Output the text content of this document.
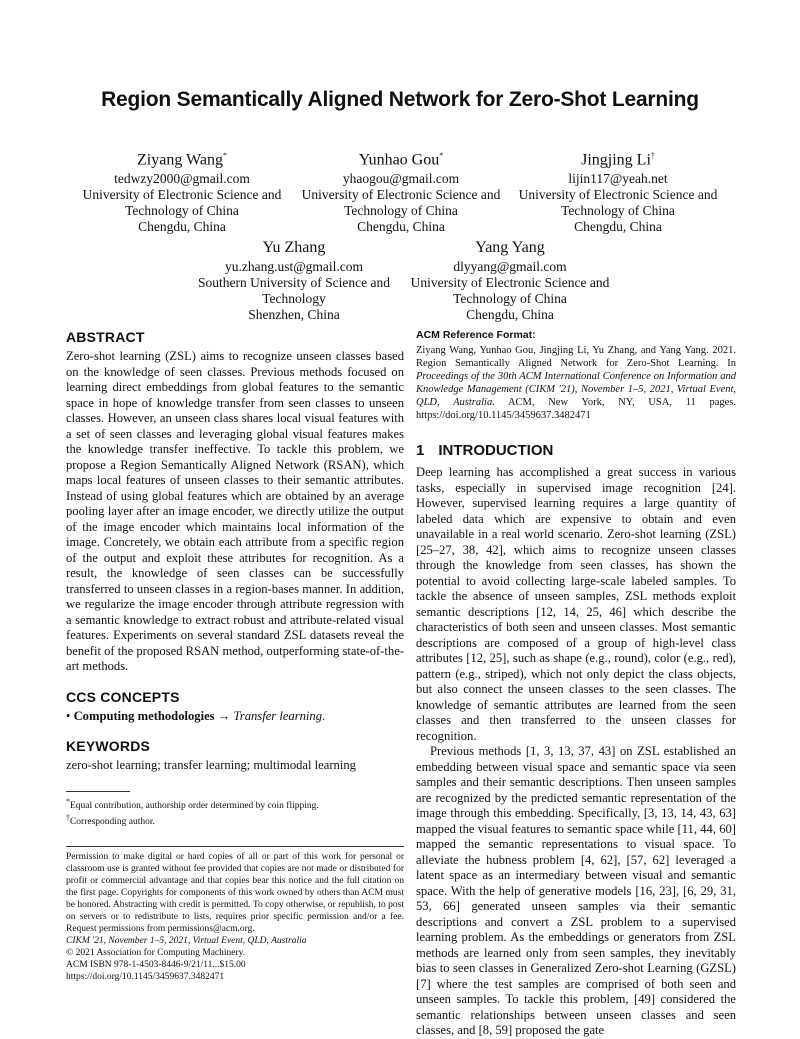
Region Semantically Aligned Network for Zero-Shot Learning
Ziyang Wang*
tedwzy2000@gmail.com
University of Electronic Science and
Technology of China
Chengdu, China
Yunhao Gou*
yhaogou@gmail.com
University of Electronic Science and
Technology of China
Chengdu, China
Jingjing Li†
lijin117@yeah.net
University of Electronic Science and
Technology of China
Chengdu, China
Yu Zhang
yu.zhang.ust@gmail.com
Southern University of Science and
Technology
Shenzhen, China
Yang Yang
dlyyang@gmail.com
University of Electronic Science and
Technology of China
Chengdu, China
ABSTRACT

Zero-shot learning (ZSL) aims to recognize unseen classes based on the knowledge of seen classes. Previous methods focused on learning direct embeddings from global features to the semantic space in hope of knowledge transfer from seen classes to unseen classes. However, an unseen class shares local visual features with a set of seen classes and leveraging global visual features makes the knowledge transfer ineffective. To tackle this problem, we propose a Region Semantically Aligned Network (RSAN), which maps local features of unseen classes to their semantic attributes. Instead of using global features which are obtained by an average pooling layer after an image encoder, we directly utilize the output of the image encoder which maintains local information of the image. Concretely, we obtain each attribute from a specific region of the output and exploit these attributes for recognition. As a result, the knowledge of seen classes can be successfully transferred to unseen classes in a region-bases manner. In addition, we regularize the image encoder through attribute regression with a semantic knowledge to extract robust and attribute-related visual features. Experiments on several standard ZSL datasets reveal the benefit of the proposed RSAN method, outperforming state-of-the-art methods.

CCS CONCEPTS

• Computing methodologies → Transfer learning.

KEYWORDS

zero-shot learning; transfer learning; multimodal learning

*Equal contribution, authorship order determined by coin flipping.
†Corresponding author.
Permission to make digital or hard copies of all or part of this work for personal or classroom use is granted without fee provided that copies are not made or distributed for profit or commercial advantage and that copies bear this notice and the full citation on the first page. Copyrights for components of this work owned by others than ACM must be honored. Abstracting with credit is permitted. To copy otherwise, or republish, to post on servers or to redistribute to lists, requires prior specific permission and/or a fee. Request permissions from permissions@acm.org.
CIKM '21, November 1–5, 2021, Virtual Event, QLD, Australia
© 2021 Association for Computing Machinery.
ACM ISBN 978-1-4503-8446-9/21/11...$15.00
https://doi.org/10.1145/3459637.3482471
ACM Reference Format:
Ziyang Wang, Yunhao Gou, Jingjing Li, Yu Zhang, and Yang Yang. 2021. Region Semantically Aligned Network for Zero-Shot Learning. In Proceedings of the 30th ACM International Conference on Information and Knowledge Management (CIKM '21), November 1–5, 2021, Virtual Event, QLD, Australia. ACM, New York, NY, USA, 11 pages. https://doi.org/10.1145/3459637.3482471
1 INTRODUCTION

Deep learning has accomplished a great success in various tasks, especially in supervised image recognition [24]. However, supervised learning requires a large quantity of labeled data which are expensive to obtain and even unavailable in a real world scenario. Zero-shot learning (ZSL) [25–27, 38, 42], which aims to recognize unseen classes through the knowledge from seen classes, has shown the potential to avoid collecting large-scale labeled samples. To tackle the absence of unseen samples, ZSL methods exploit semantic descriptions [12, 14, 25, 46] which describe the characteristics of both seen and unseen classes. Most semantic descriptions are composed of a group of high-level class attributes [12, 25], such as shape (e.g., round), color (e.g., red), pattern (e.g., striped), which not only depict the class objects, but also connect the unseen classes to the seen classes. The knowledge of semantic attributes are learned from the seen classes and then transferred to the unseen classes for recognition.

Previous methods [1, 3, 13, 37, 43] on ZSL established an embedding between visual space and semantic space via seen samples and their semantic descriptions. Then unseen samples are recognized by the predicted semantic representation of the image through this embedding. Specifically, [3, 13, 14, 43, 63] mapped the visual features to semantic space while [11, 44, 60] mapped the semantic representations to visual space. To alleviate the hubness problem [4, 62], [57, 62] leveraged a latent space as an intermediary between visual and semantic space. With the help of generative models [16, 23], [6, 29, 31, 53, 66] generated unseen samples via their semantic descriptions and convert a ZSL problem to a supervised learning problem. As the embeddings or generators from ZSL methods are learned only from seen samples, they inevitably bias to seen classes in Generalized Zero-shot Learning (GZSL) [7] where the test samples are comprised of both seen and unseen samples. To tackle this problem, [49] considered the semantic relationships between unseen classes and seen classes, and [8, 59] proposed the gate
